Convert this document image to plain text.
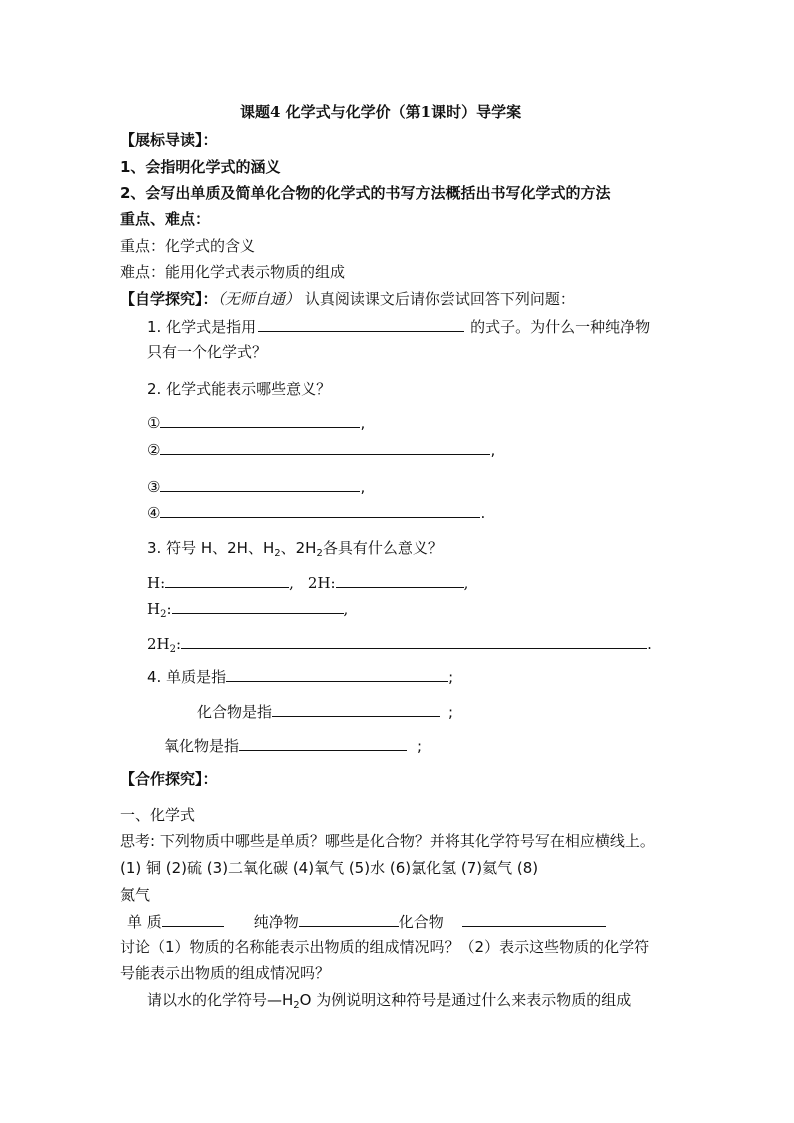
课题4 化学式与化学价（第1课时）导学案
【展标导读】：
1、会指明化学式的涵义
2、会写出单质及简单化合物的化学式的书写方法概括出书写化学式的方法
重点、难点：
重点：化学式的含义
难点：能用化学式表示物质的组成
【自学探究】：（无师自通） 认真阅读课文后请你尝试回答下列问题：
1. 化学式是指用	的式子。为什么一种纯净物
只有一个化学式？
2. 化学式能表示哪些意义？
①	,
②	,
③	,
④	.
3. 符号 H、2H、$H_2$、$2H_2$各具有什么意义？
H:	, 2H:	,
$H_2$:	,
$2H_2$:	.
4. 单质是指	;
化合物是指	;
氧化物是指	;
【合作探究】：
一、化学式
思考: 下列物质中哪些是单质？哪些是化合物？并将其化学符号写在相应横线上。
(1) 铜 (2)硫 (3)二氧化碳 (4)氧气 (5)水 (6)氯化氢 (7)氦气 (8)
氮气
单 质	纯净物	化合物
讨论（1）物质的名称能表示出物质的组成情况吗？（2）表示这些物质的化学符
号能表示出物质的组成情况吗？
请以水的化学符号$—H_2O$ 为例说明这种符号是通过什么来表示物质的组成
